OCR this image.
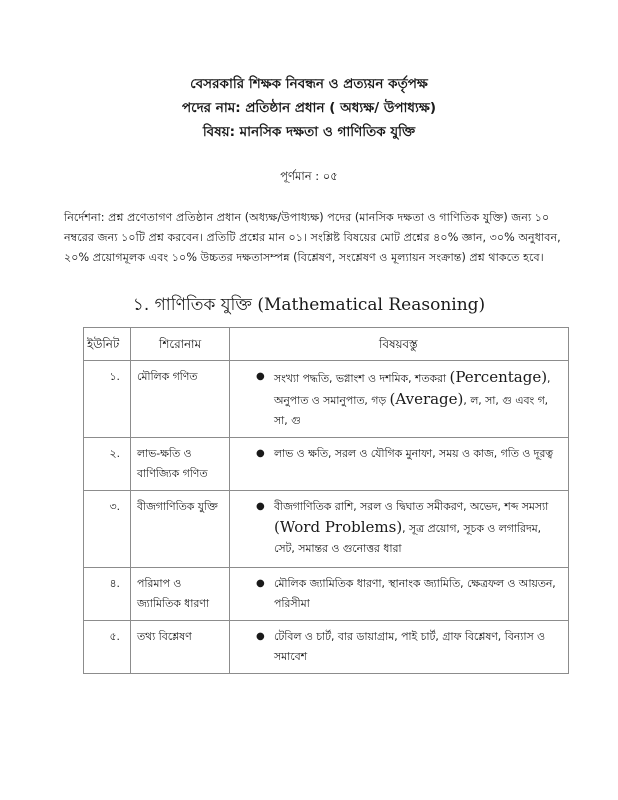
বেসরকারি শিক্ষক নিবন্ধন ও প্রত্যয়ন কর্তৃপক্ষ
পদের নাম: প্রতিষ্ঠান প্রধান ( অধ্যক্ষ/ উপাধ্যক্ষ)
বিষয়: মানসিক দক্ষতা ও গাণিতিক যুক্তি
পূর্ণমান : ০৫
নির্দেশনা: প্রশ্ন প্রণেতাগণ প্রতিষ্ঠান প্রধান (অধ্যক্ষ/উপাধ্যক্ষ) পদের (মানসিক দক্ষতা ও গাণিতিক যুক্তি) জন্য ১০ নম্বরের জন্য ১০টি প্রশ্ন করবেন। প্রতিটি প্রশ্নের মান ০১। সংশ্লিষ্ট বিষয়ের মোট প্রশ্নের ৪০% জ্ঞান, ৩০% অনুধাবন, ২০% প্রয়োগমূলক এবং ১০% উচ্চতর দক্ষতাসম্পন্ন (বিশ্লেষণ, সংশ্লেষণ ও মূল্যায়ন সংক্রান্ত) প্রশ্ন থাকতে হবে।
১. গাণিতিক যুক্তি (Mathematical Reasoning)
ইউনিট	শিরোনাম	বিষয়বস্তু
১.	মৌলিক গণিত	● সংখ্যা পদ্ধতি, ভগ্নাংশ ও দশমিক, শতকরা (Percentage), অনুপাত ও সমানুপাত, গড় (Average), ল, সা, গু এবং গ, সা, গু

২.	লাভ-ক্ষতি ও বাণিজ্যিক গণিত	● লাভ ও ক্ষতি, সরল ও যৌগিক মুনাফা, সময় ও কাজ, গতি ও দূরত্ব

৩.	বীজগাণিতিক যুক্তি	● বীজগাণিতিক রাশি, সরল ও দ্বিঘাত সমীকরণ, অভেদ, শব্দ সমস্যা (Word Problems), সূত্র প্রয়োগ, সূচক ও লগারিদম, সেট, সমান্তর ও গুনোত্তর ধারা

৪.	পরিমাপ ও জ্যামিতিক ধারণা	● মৌলিক জ্যামিতিক ধারণা, স্থানাংক জ্যামিতি, ক্ষেত্রফল ও আয়তন, পরিসীমা

৫.	তথ্য বিশ্লেষণ	● টেবিল ও চার্ট, বার ডায়াগ্রাম, পাই চার্ট, গ্রাফ বিশ্লেষণ, বিন্যাস ও সমাবেশ
